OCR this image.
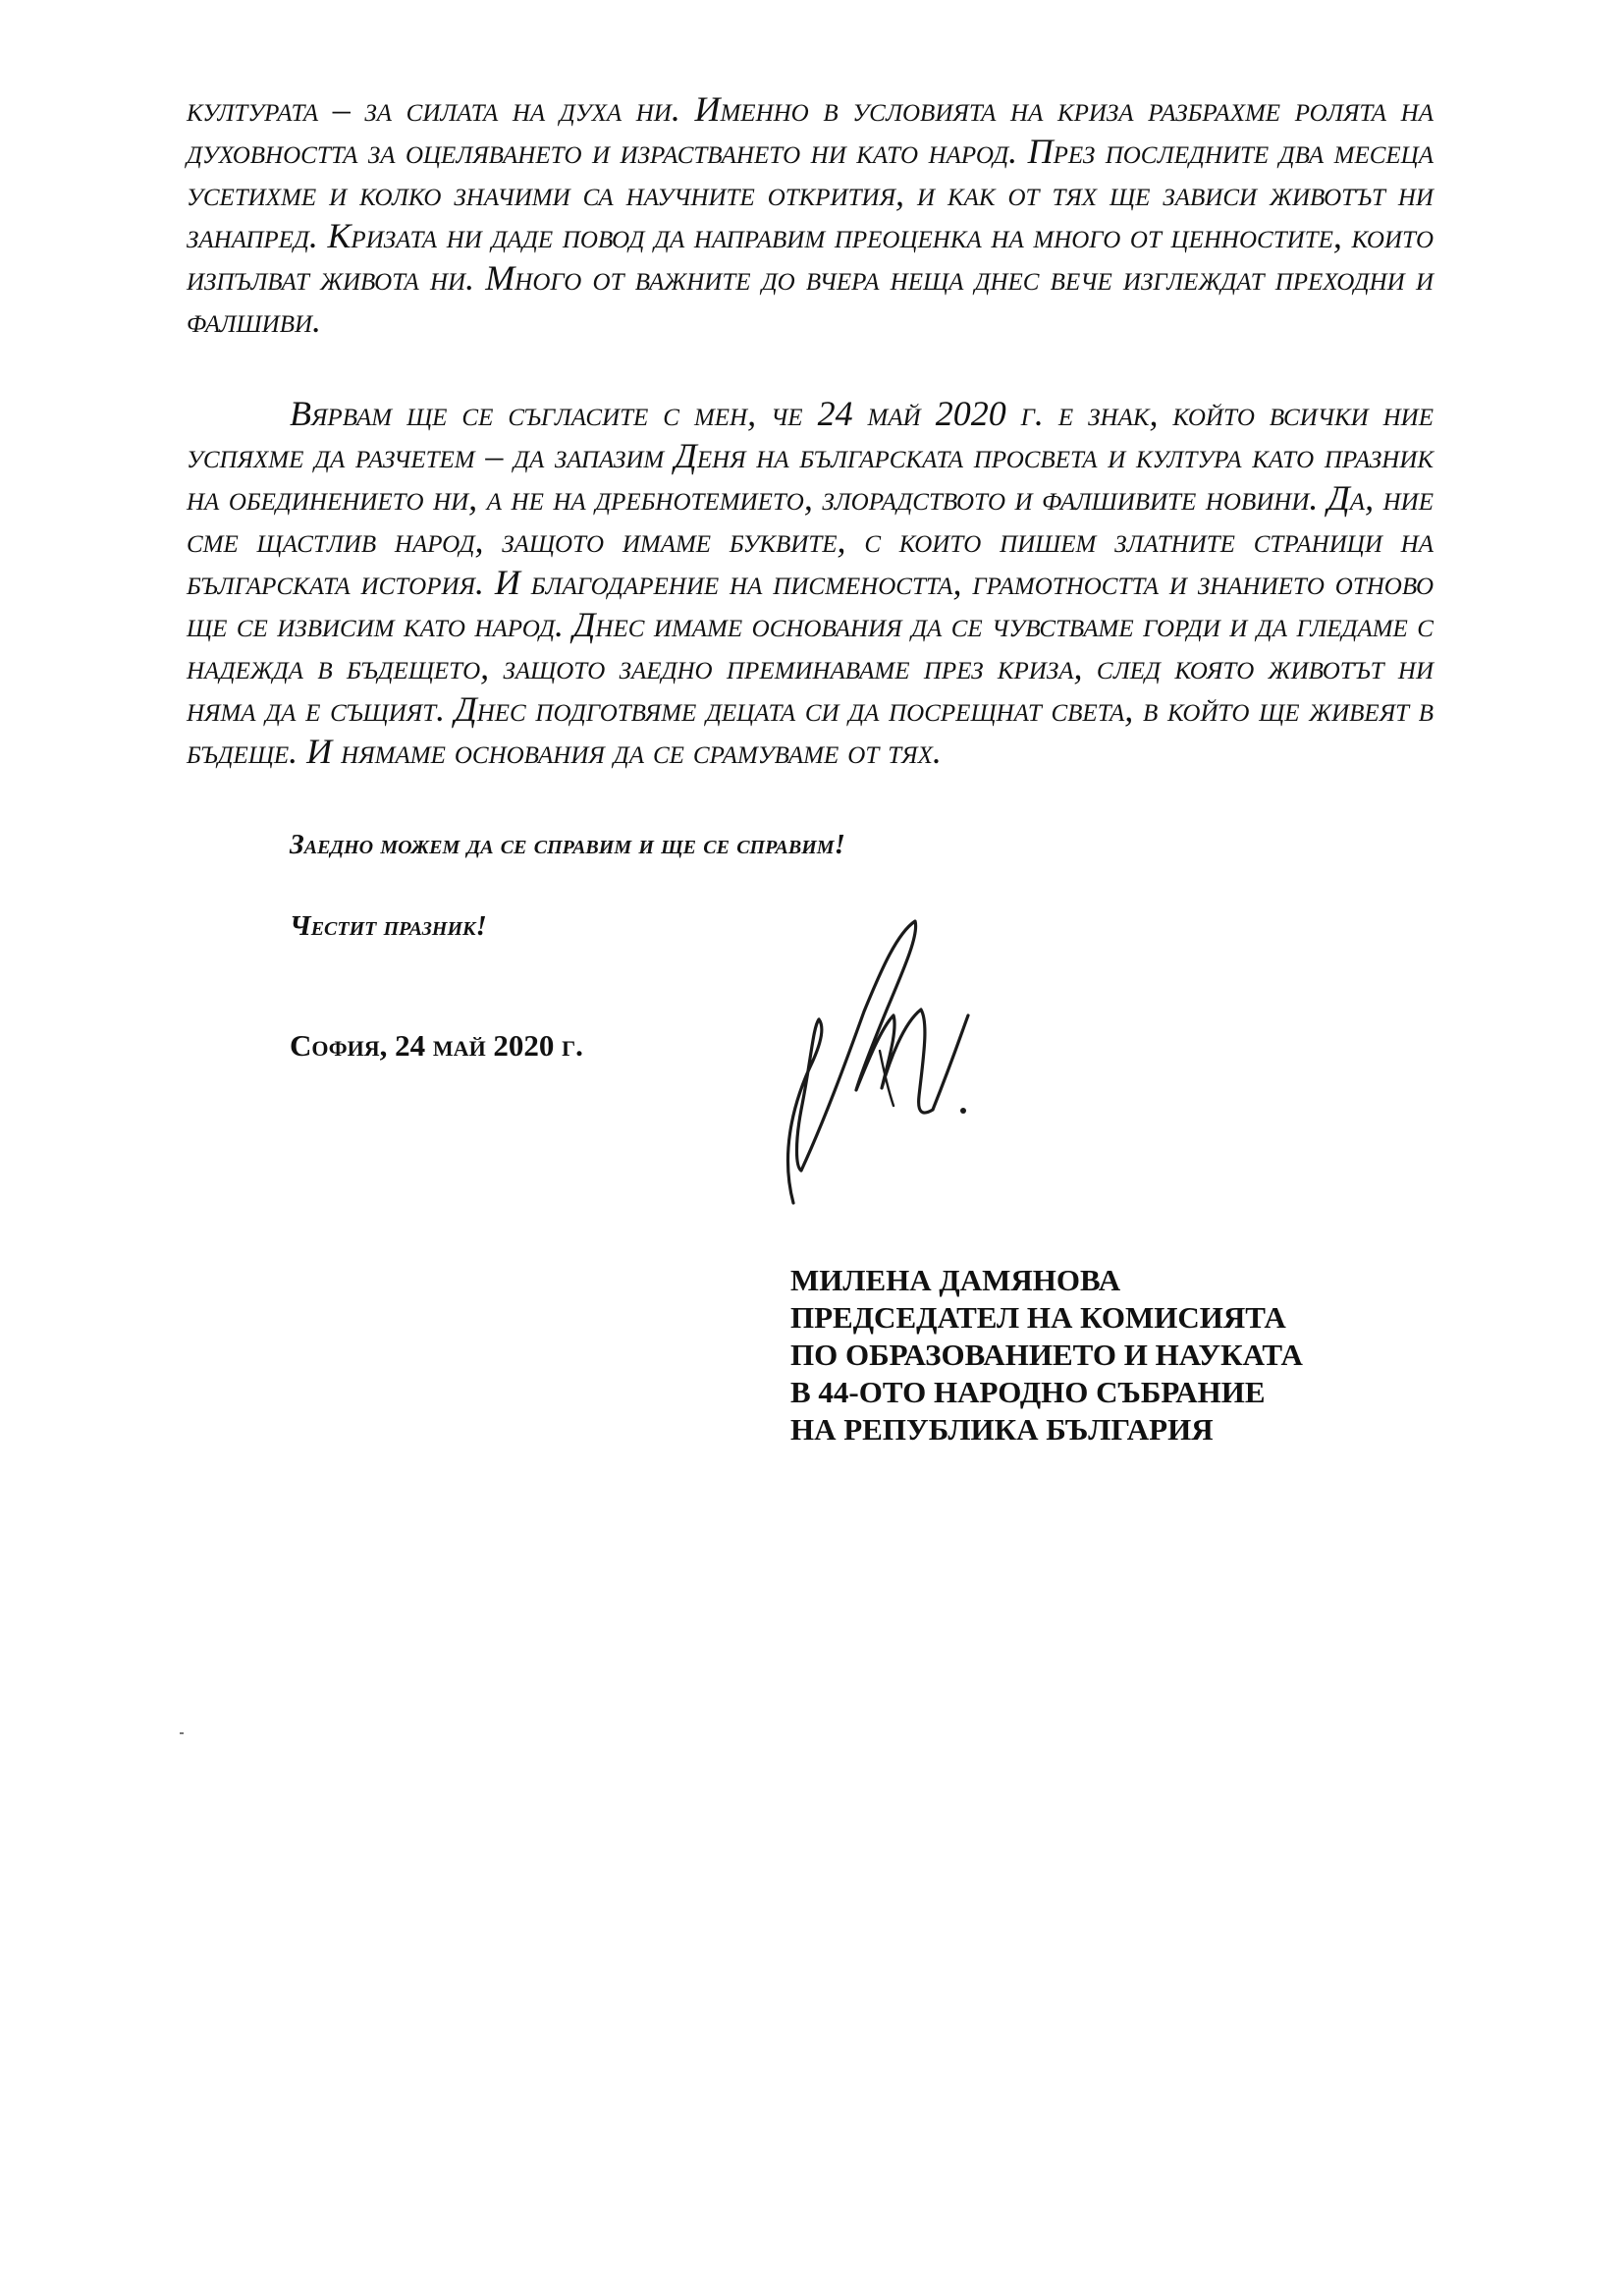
културата – за силата на духа ни. Именно в условията на криза разбрахме ролята на духовността за оцеляването и израстването ни като народ. През последните два месеца усетихме и колко значими са научните открития, и как от тях ще зависи животът ни занапред. Кризата ни даде повод да направим преоценка на много от ценностите, които изпълват живота ни. Много от важните до вчера неща днес вече изглеждат преходни и фалшиви.

Вярвам ще се съгласите с мен, че 24 май 2020 г. е знак, който всички ние успяхме да разчетем – да запазим Деня на българската просвета и култура като празник на обединението ни, а не на дребнотемието, злорадството и фалшивите новини. Да, ние сме щастлив народ, защото имаме буквите, с които пишем златните страници на българската история. И благодарение на писмеността, грамотността и знанието отново ще се извисим като народ. Днес имаме основания да се чувстваме горди и да гледаме с надежда в бъдещето, защото заедно преминаваме през криза, след която животът ни няма да е същият. Днес подготвяме децата си да посрещнат света, в който ще живеят в бъдеще. И нямаме основания да се срамуваме от тях.

Заедно можем да се справим и ще се справим!

Честит празник!

София, 24 май 2020 г.

МИЛЕНА ДАМЯНОВА
ПРЕДСЕДАТЕЛ НА КОМИСИЯТА
ПО ОБРАЗОВАНИЕТО И НАУКАТА
В 44-ОТО НАРОДНО СЪБРАНИЕ
НА РЕПУБЛИКА БЪЛГАРИЯ
